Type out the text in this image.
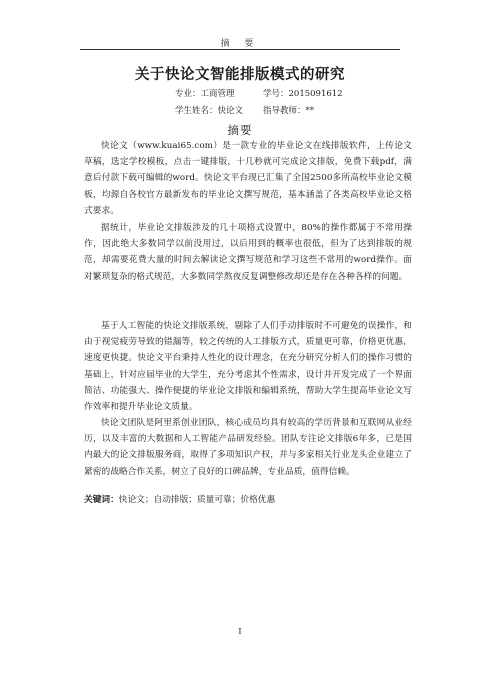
摘 要
关于快论文智能排版模式的研究
专业：工商管理	学号：2015091612
学生姓名：快论文 指导教师：**
摘要

快论文（www.kuai65.com）是一款专业的毕业论文在线排版软件，上传论文草稿，选定学校模板，点击一键排版，十几秒就可完成论文排版，免费下载pdf，满意后付款下载可编辑的word。快论文平台现已汇集了全国2500多所高校毕业论文模板，均源自各校官方最新发布的毕业论文撰写规范，基本涵盖了各类高校毕业论文格式要求。

据统计，毕业论文排版涉及的几十项格式设置中，80%的操作都属于不常用操作，因此绝大多数同学以前没用过，以后用到的概率也很低，但为了达到排版的规范，却需要花费大量的时间去解读论文撰写规范和学习这些不常用的word操作。面对繁琐复杂的格式规范，大多数同学熬夜反复调整修改却还是存在各种各样的问题。

基于人工智能的快论文排版系统，剔除了人们手动排版时不可避免的误操作，和由于视觉疲劳导致的错漏等，较之传统的人工排版方式，质量更可靠，价格更优惠，速度更快捷。快论文平台秉持人性化的设计理念，在充分研究分析人们的操作习惯的基础上，针对应届毕业的大学生，充分考虑其个性需求，设计并开发完成了一个界面简洁、功能强大、操作便捷的毕业论文排版和编辑系统，帮助大学生提高毕业论文写作效率和提升毕业论文质量。

快论文团队是阿里系创业团队，核心成员均具有较高的学历背景和互联网从业经历，以及丰富的大数据和人工智能产品研发经验。团队专注论文排版6年多，已是国内最大的论文排版服务商，取得了多项知识产权，并与多家相关行业龙头企业建立了紧密的战略合作关系，树立了良好的口碑品牌，专业品质，值得信赖。

关键词：快论文；自动排版；质量可靠；价格优惠
I
